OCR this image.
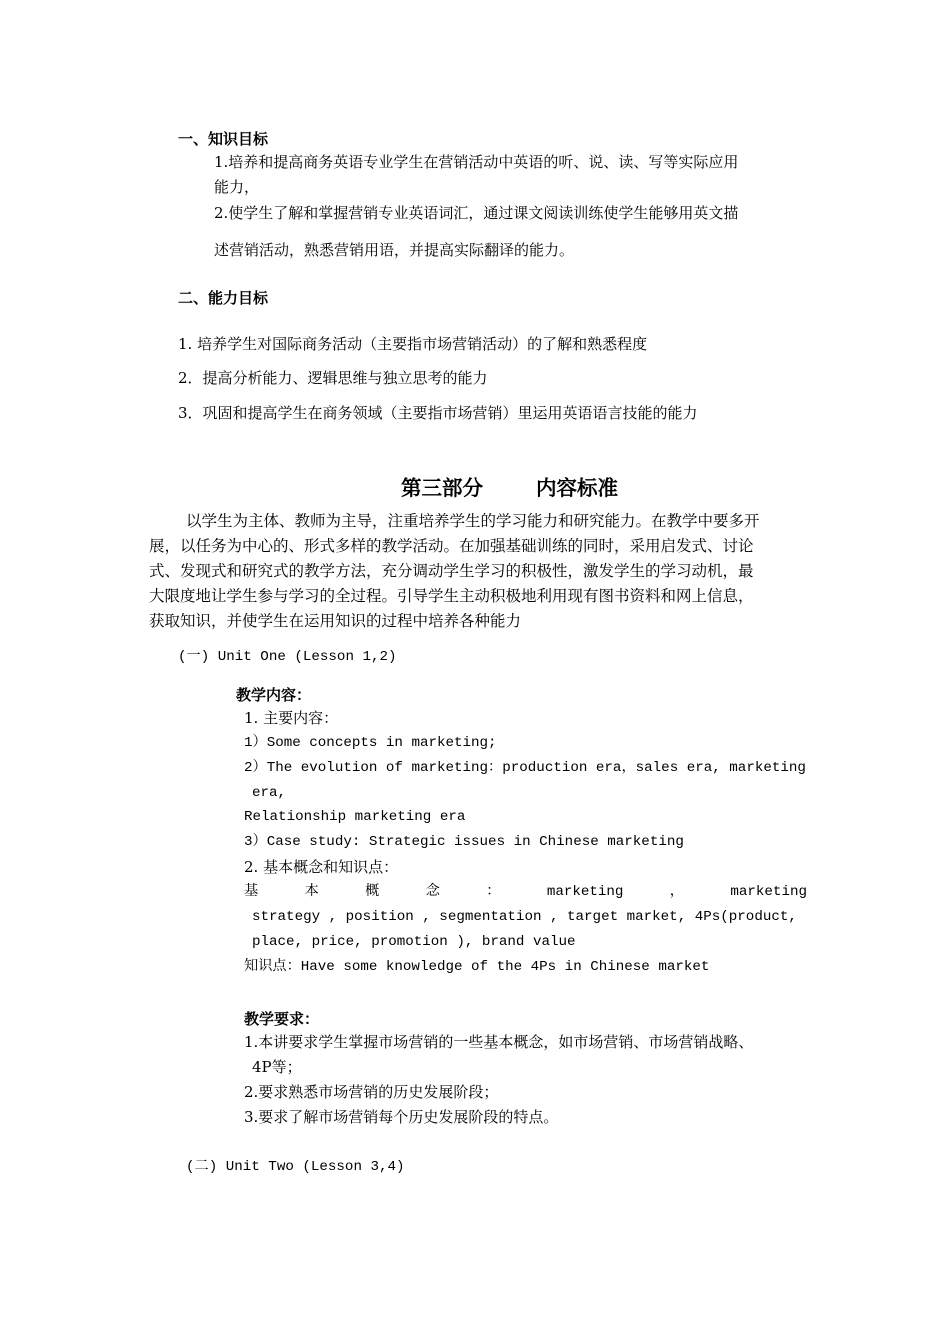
一、知识目标
1.培养和提高商务英语专业学生在营销活动中英语的听、说、读、写等实际应用
能力，
2.使学生了解和掌握营销专业英语词汇，通过课文阅读训练使学生能够用英文描
述营销活动，熟悉营销用语，并提高实际翻译的能力。
二、能力目标
1. 培养学生对国际商务活动（主要指市场营销活动）的了解和熟悉程度
2．提高分析能力、逻辑思维与独立思考的能力
3．巩固和提高学生在商务领域（主要指市场营销）里运用英语语言技能的能力
第三部分	内容标准

以学生为主体、教师为主导，注重培养学生的学习能力和研究能力。在教学中要多开

展，以任务为中心的、形式多样的教学活动。在加强基础训练的同时，采用启发式、讨论

式、发现式和研究式的教学方法，充分调动学生学习的积极性，激发学生的学习动机，最

大限度地让学生参与学习的全过程。引导学生主动积极地利用现有图书资料和网上信息，

获取知识，并使学生在运用知识的过程中培养各种能力

(一) Unit One (Lesson 1,2)
教学内容：
1. 主要内容：
1）Some concepts in marketing;
2）The evolution of marketing：production era，sales era, marketing
era,
Relationship marketing era
3）Case study: Strategic issues in Chinese marketing
2. 基本概念和知识点：
基	本	概	念	：	marketing	，	marketing
strategy , position , segmentation , target market, 4Ps(product,
place, price, promotion ), brand value
知识点：Have some knowledge of the 4Ps in Chinese market
教学要求：
1.本讲要求学生掌握市场营销的一些基本概念，如市场营销、市场营销战略、
4P等；
2.要求熟悉市场营销的历史发展阶段；
3.要求了解市场营销每个历史发展阶段的特点。
(二) Unit Two (Lesson 3,4)
